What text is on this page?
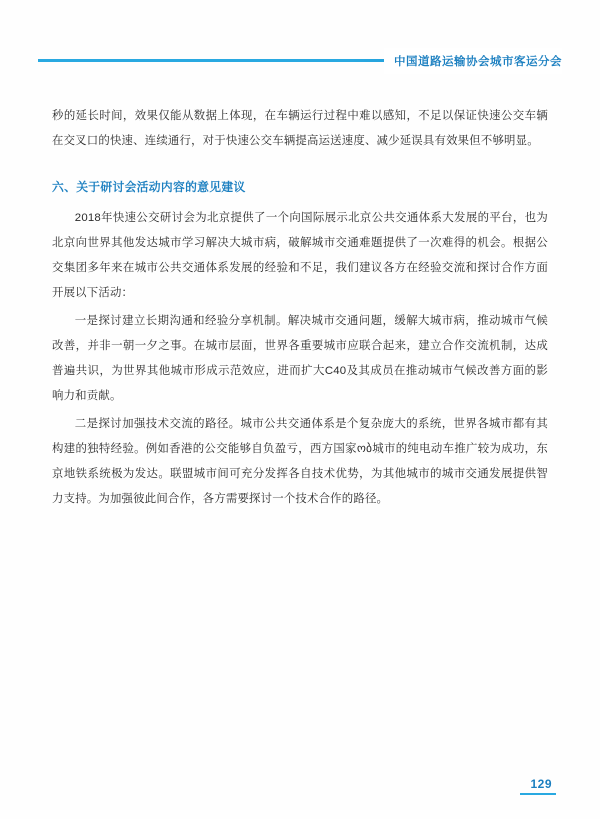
中国道路运输协会城市客运分会

秒的延长时间，效果仅能从数据上体现，在车辆运行过程中难以感知，不足以保证快速公交车辆在交叉口的快速、连续通行，对于快速公交车辆提高运送速度、减少延误具有效果但不够明显。

六、关于研讨会活动内容的意见建议

2018年快速公交研讨会为北京提供了一个向国际展示北京公共交通体系大发展的平台，也为北京向世界其他发达城市学习解决大城市病，破解城市交通难题提供了一次难得的机会。根据公交集团多年来在城市公共交通体系发展的经验和不足，我们建议各方在经验交流和探讨合作方面开展以下活动：

一是探讨建立长期沟通和经验分享机制。解决城市交通问题，缓解大城市病，推动城市气候改善，并非一朝一夕之事。在城市层面，世界各重要城市应联合起来，建立合作交流机制，达成普遍共识，为世界其他城市形成示范效应，进而扩大C40及其成员在推动城市气候改善方面的影响力和贡献。

二是探讨加强技术交流的路径。城市公共交通体系是个复杂庞大的系统，世界各城市都有其构建的独特经验。例如香港的公交能够自负盈亏，西方国家ობ城市的纯电动车推广较为成功，东京地铁系统极为发达。联盟城市间可充分发挥各自技术优势，为其他城市的城市交通发展提供智力支持。为加强彼此间合作，各方需要探讨一个技术合作的路径。

129
